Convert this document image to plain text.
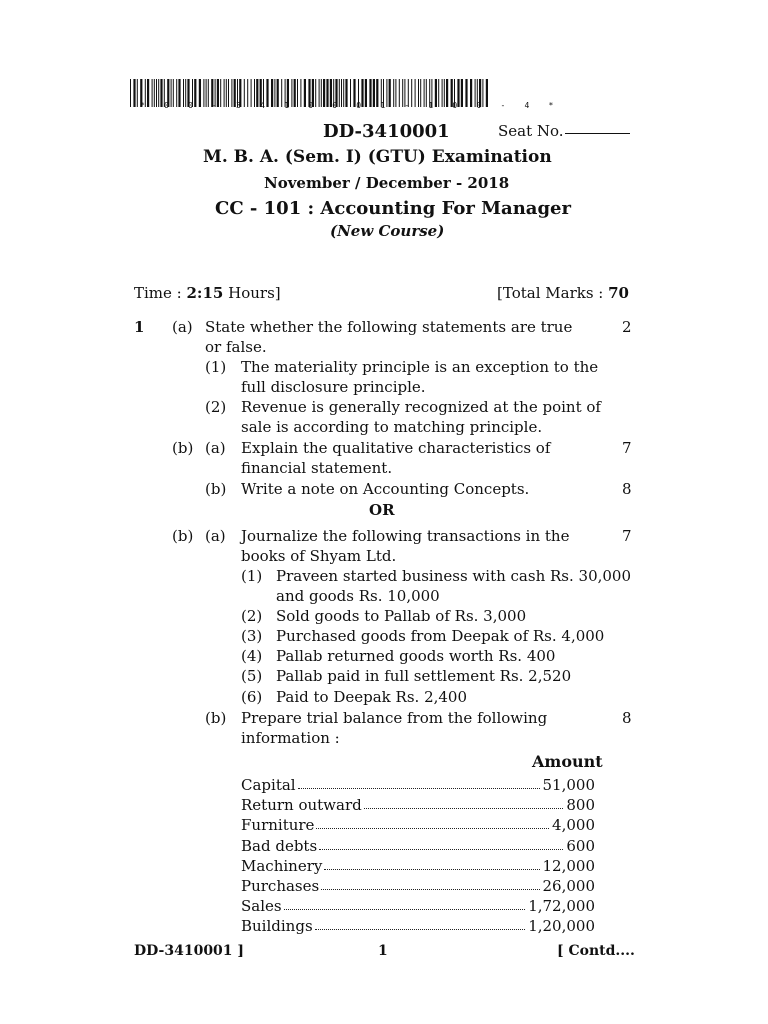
* 0 0 - 3 4 1 0 0 0 1 - 1 0 0 - 4 *
DD-3410001	Seat No.
M. B. A. (Sem. I) (GTU) Examination
November / December - 2018
CC - 101 : Accounting For Manager
(New Course)
Time : 2:15 Hours]	[Total Marks : 70
1 (a) State whether the following statements are true
or false.
2
(1) The materiality principle is an exception to the
full disclosure principle.
(2) Revenue is generally recognized at the point of
sale is according to matching principle.
(b) (a) Explain the qualitative characteristics of
financial statement.
7
(b) Write a note on Accounting Concepts.	8
OR
(b) (a) Journalize the following transactions in the
books of Shyam Ltd.
7
(1) Praveen started business with cash Rs. 30,000
and goods Rs. 10,000
(2) Sold goods to Pallab of Rs. 3,000
(3) Purchased goods from Deepak of Rs. 4,000
(4) Pallab returned goods worth Rs. 400
(5) Pallab paid in full settlement Rs. 2,520
(6) Paid to Deepak Rs. 2,400
(b) Prepare trial balance from the following
information :
8
Amount
Capital	51,000
Return outward	800
Furniture	4,000
Bad debts	600
Machinery	12,000
Purchases	26,000
Sales	1,72,000
Buildings	1,20,000
DD-3410001 ]	1	[ Contd....
